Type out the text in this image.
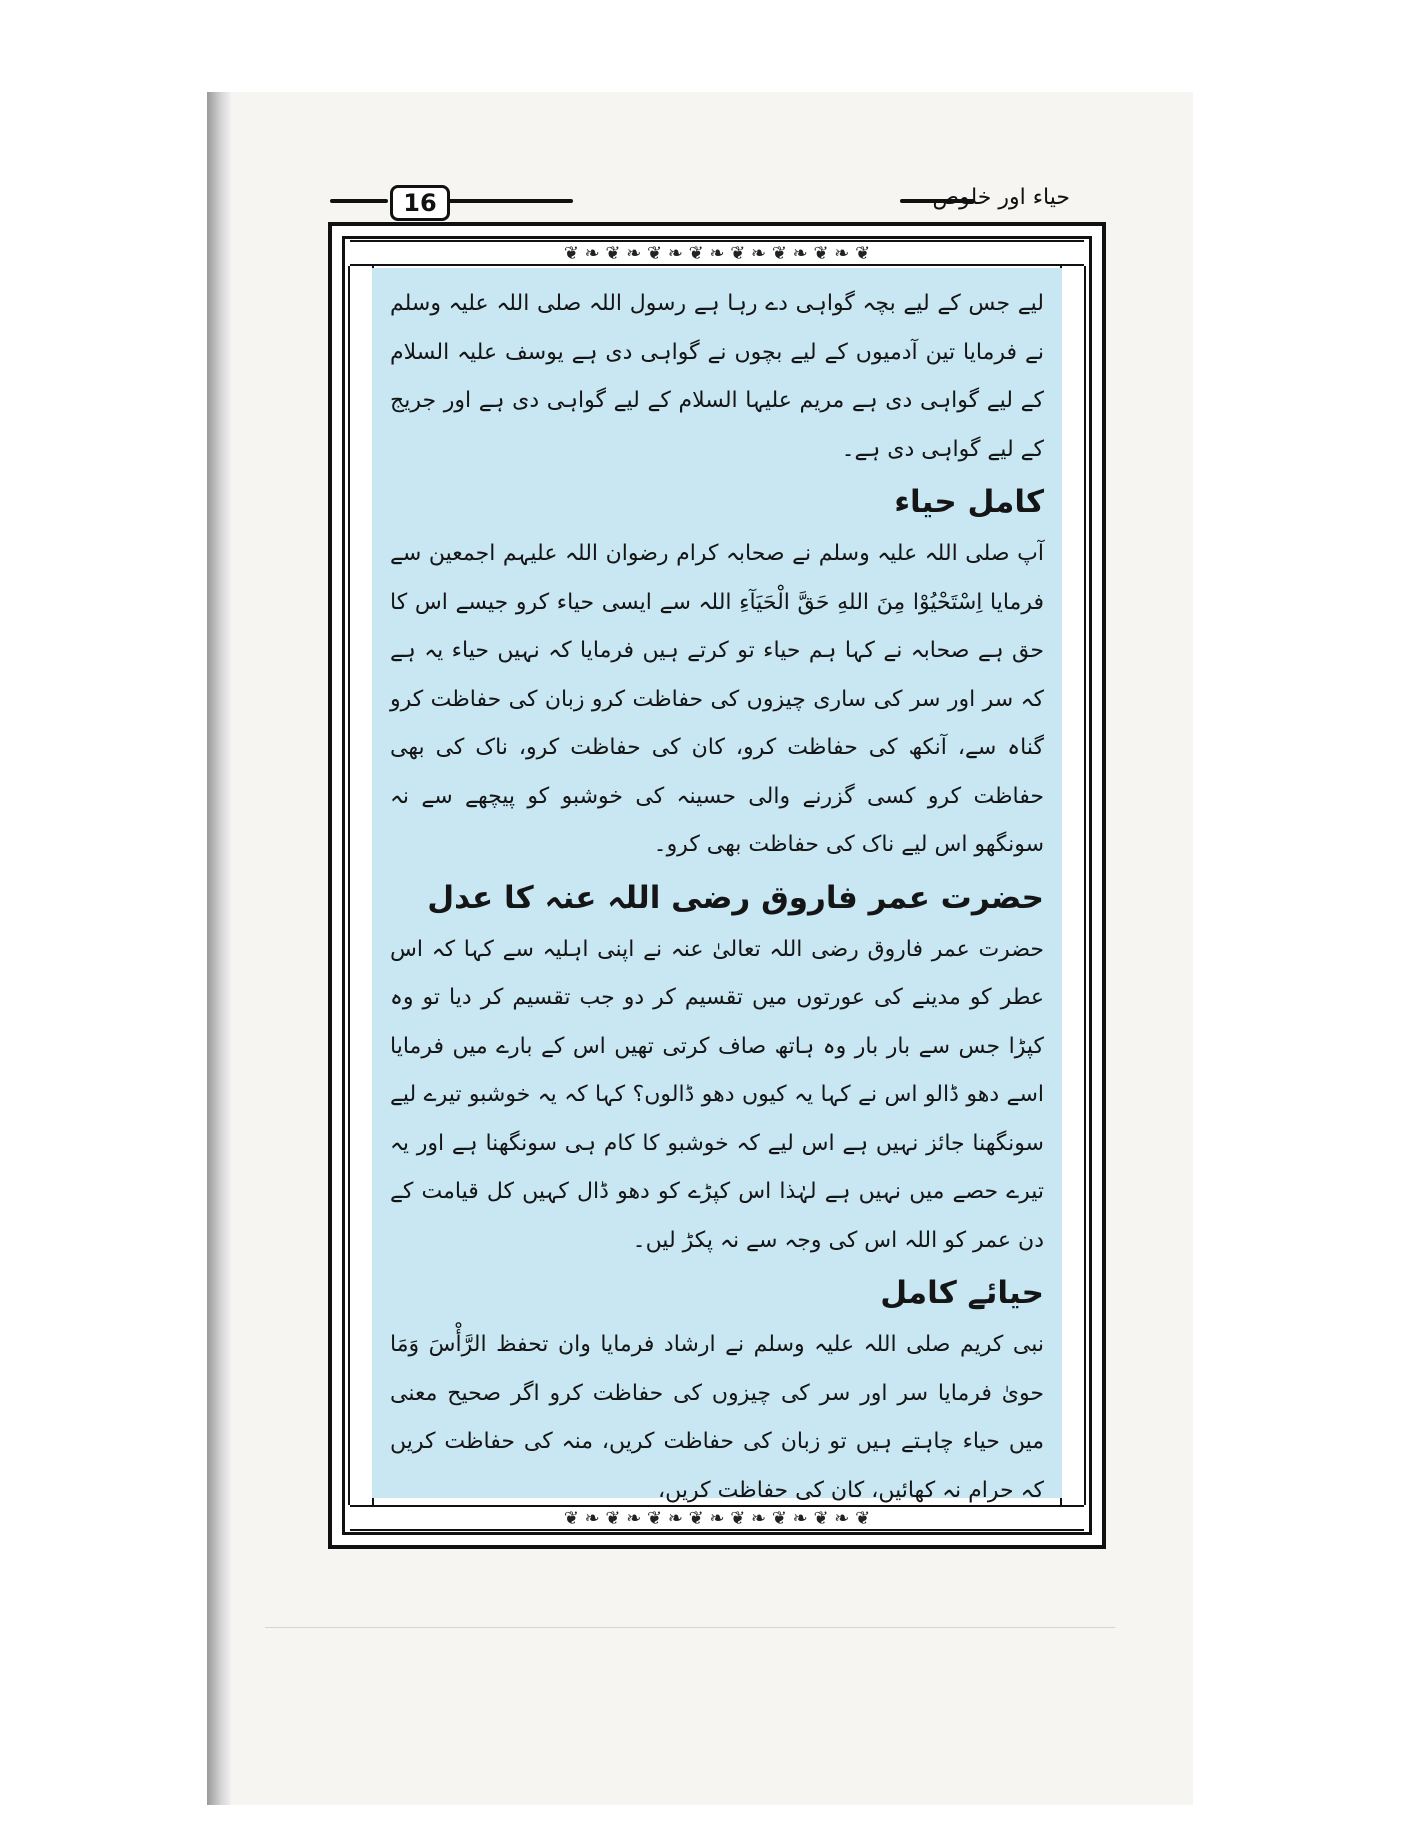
16	حیاء اور خلوص
❦ ❧ ❦ ❧ ❦ ❧ ❦ ❧ ❦ ❧ ❦ ❧ ❦ ❧ ❦
❦ ❧ ❦ ❧ ❦ ❧ ❦ ❧ ❦ ❧ ❦ ❧ ❦ ❧ ❦

لیے جس کے لیے بچہ گواہی دے رہا ہے رسول اللہ صلی اللہ علیہ وسلم نے فرمایا تین آدمیوں کے لیے بچوں نے گواہی دی ہے یوسف علیہ السلام کے لیے گواہی دی ہے مریم علیہا السلام کے لیے گواہی دی ہے اور جریج کے لیے گواہی دی ہے۔

کامل حیاء

آپ صلی اللہ علیہ وسلم نے صحابہ کرام رضوان اللہ علیہم اجمعین سے فرمایا اِسْتَحْيُوْا مِنَ اللهِ حَقَّ الْحَيَآءِ اللہ سے ایسی حیاء کرو جیسے اس کا حق ہے صحابہ نے کہا ہم حیاء تو کرتے ہیں فرمایا کہ نہیں حیاء یہ ہے کہ سر اور سر کی ساری چیزوں کی حفاظت کرو زبان کی حفاظت کرو گناہ سے، آنکھ کی حفاظت کرو، کان کی حفاظت کرو، ناک کی بھی حفاظت کرو کسی گزرنے والی حسینہ کی خوشبو کو پیچھے سے نہ سونگھو اس لیے ناک کی حفاظت بھی کرو۔

حضرت عمر فاروق رضی اللہ عنہ کا عدل

حضرت عمر فاروق رضی اللہ تعالیٰ عنہ نے اپنی اہلیہ سے کہا کہ اس عطر کو مدینے کی عورتوں میں تقسیم کر دو جب تقسیم کر دیا تو وہ کپڑا جس سے بار بار وہ ہاتھ صاف کرتی تھیں اس کے بارے میں فرمایا اسے دھو ڈالو اس نے کہا یہ کیوں دھو ڈالوں؟ کہا کہ یہ خوشبو تیرے لیے سونگھنا جائز نہیں ہے اس لیے کہ خوشبو کا کام ہی سونگھنا ہے اور یہ تیرے حصے میں نہیں ہے لہٰذا اس کپڑے کو دھو ڈال کہیں کل قیامت کے دن عمر کو اللہ اس کی وجہ سے نہ پکڑ لیں۔

حیائے کامل

نبی کریم صلی اللہ علیہ وسلم نے ارشاد فرمایا وان تحفظ الرَّأْسَ وَمَا حوىٰ فرمایا سر اور سر کی چیزوں کی حفاظت کرو اگر صحیح معنی میں حیاء چاہتے ہیں تو زبان کی حفاظت کریں، منہ کی حفاظت کریں کہ حرام نہ کھائیں، کان کی حفاظت کریں،
